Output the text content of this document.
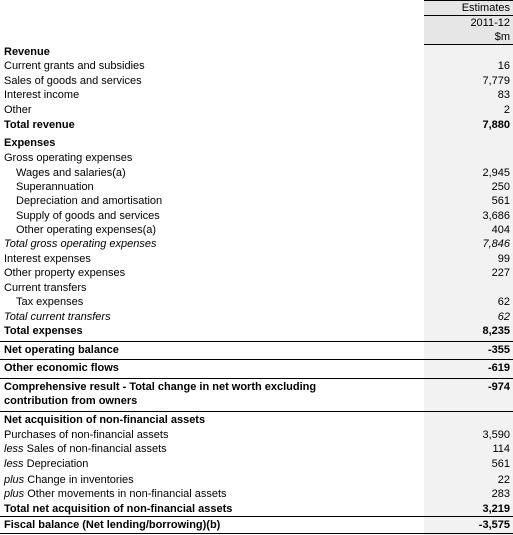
Estimates
2011-12
$m
Revenue
Current grants and subsidies	16
Sales of goods and services	7,779
Interest income	83
Other	2
Total revenue	7,880
Expenses
Gross operating expenses
Wages and salaries(a)	2,945
Superannuation	250
Depreciation and amortisation	561
Supply of goods and services	3,686
Other operating expenses(a)	404
Total gross operating expenses	7,846
Interest expenses	99
Other property expenses	227
Current transfers
Tax expenses	62
Total current transfers	62
Total expenses	8,235
Net operating balance	-355
Other economic flows	-619
Comprehensive result - Total change in net worth excluding contribution from owners
-974
Net acquisition of non-financial assets
Purchases of non-financial assets	3,590
less Sales of non-financial assets	114
less Depreciation	561
plus Change in inventories	22
plus Other movements in non-financial assets	283
Total net acquisition of non-financial assets	3,219
Fiscal balance (Net lending/borrowing)(b)	-3,575
